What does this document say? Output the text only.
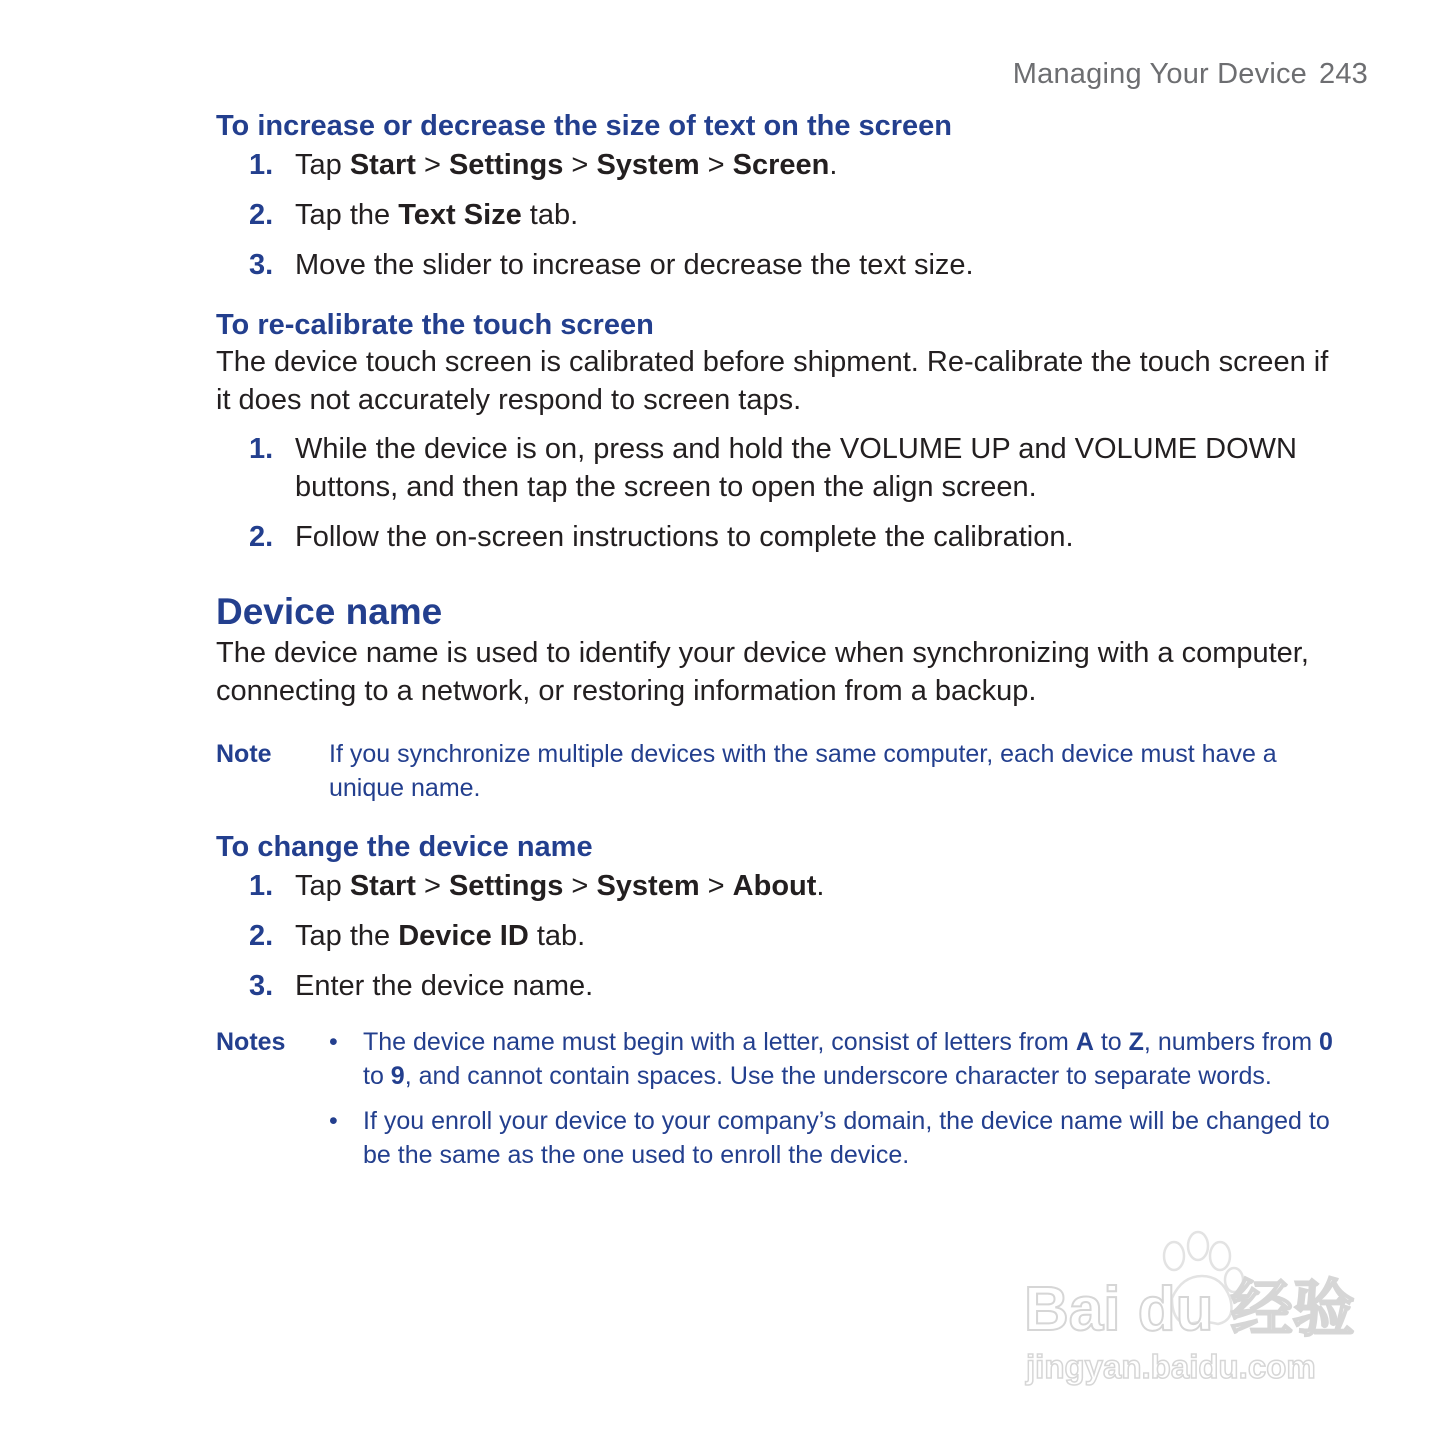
Managing Your Device 243
To increase or decrease the size of text on the screen
1. Tap Start > Settings > System > Screen.
2. Tap the Text Size tab.
3. Move the slider to increase or decrease the text size.
To re-calibrate the touch screen

The device touch screen is calibrated before shipment. Re-calibrate the touch screen if it does not accurately respond to screen taps.

1. While the device is on, press and hold the VOLUME UP and VOLUME DOWN buttons, and then tap the screen to open the align screen.
2. Follow the on-screen instructions to complete the calibration.
Device name

The device name is used to identify your device when synchronizing with a computer, connecting to a network, or restoring information from a backup.

Note	If you synchronize multiple devices with the same computer, each device must have a unique name.
To change the device name
1. Tap Start > Settings > System > About.
2. Tap the Device ID tab.
3. Enter the device name.
Notes	• The device name must begin with a letter, consist of letters from A to Z, numbers from 0 to 9, and cannot contain spaces. Use the underscore character to separate words.
• If you enroll your device to your company’s domain, the device name will be changed to be the same as the one used to enroll the device.
Bai du 经验
jingyan.baidu.com
